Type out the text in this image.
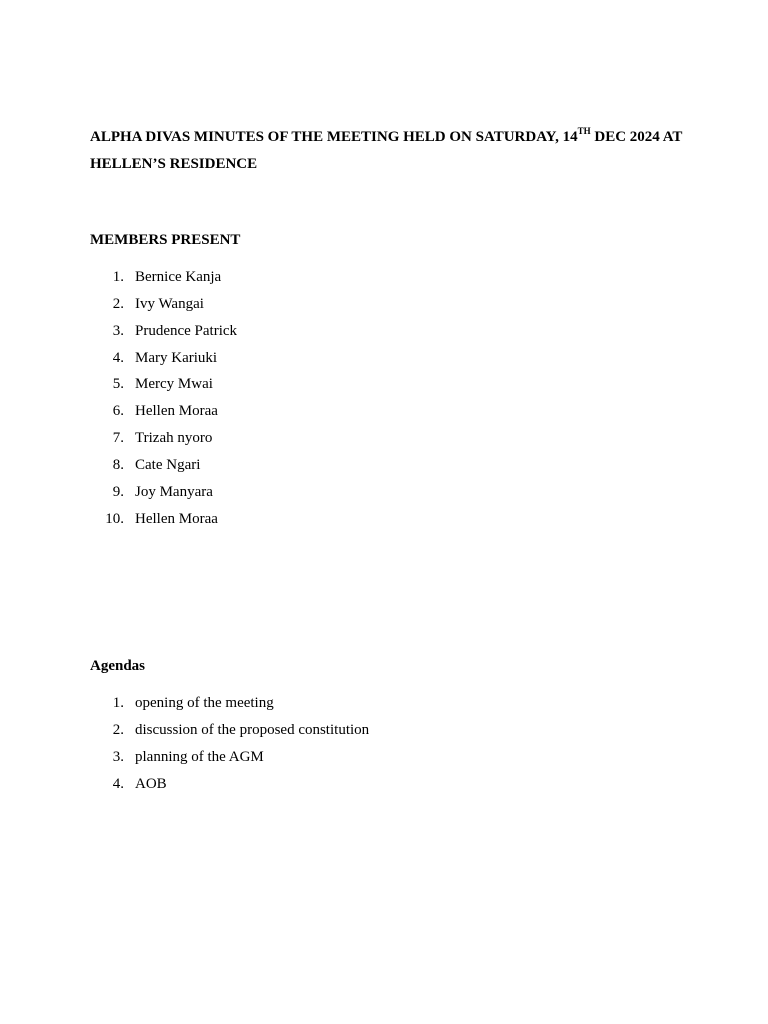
ALPHA DIVAS MINUTES OF THE MEETING HELD ON SATURDAY, 14TH DEC 2024 AT HELLEN’S RESIDENCE
MEMBERS PRESENT
1. Bernice Kanja
2. Ivy Wangai
3. Prudence Patrick
4. Mary Kariuki
5. Mercy Mwai
6. Hellen Moraa
7. Trizah nyoro
8. Cate Ngari
9. Joy Manyara
10. Hellen Moraa
Agendas
1. opening of the meeting
2. discussion of the proposed constitution
3. planning of the AGM
4. AOB
